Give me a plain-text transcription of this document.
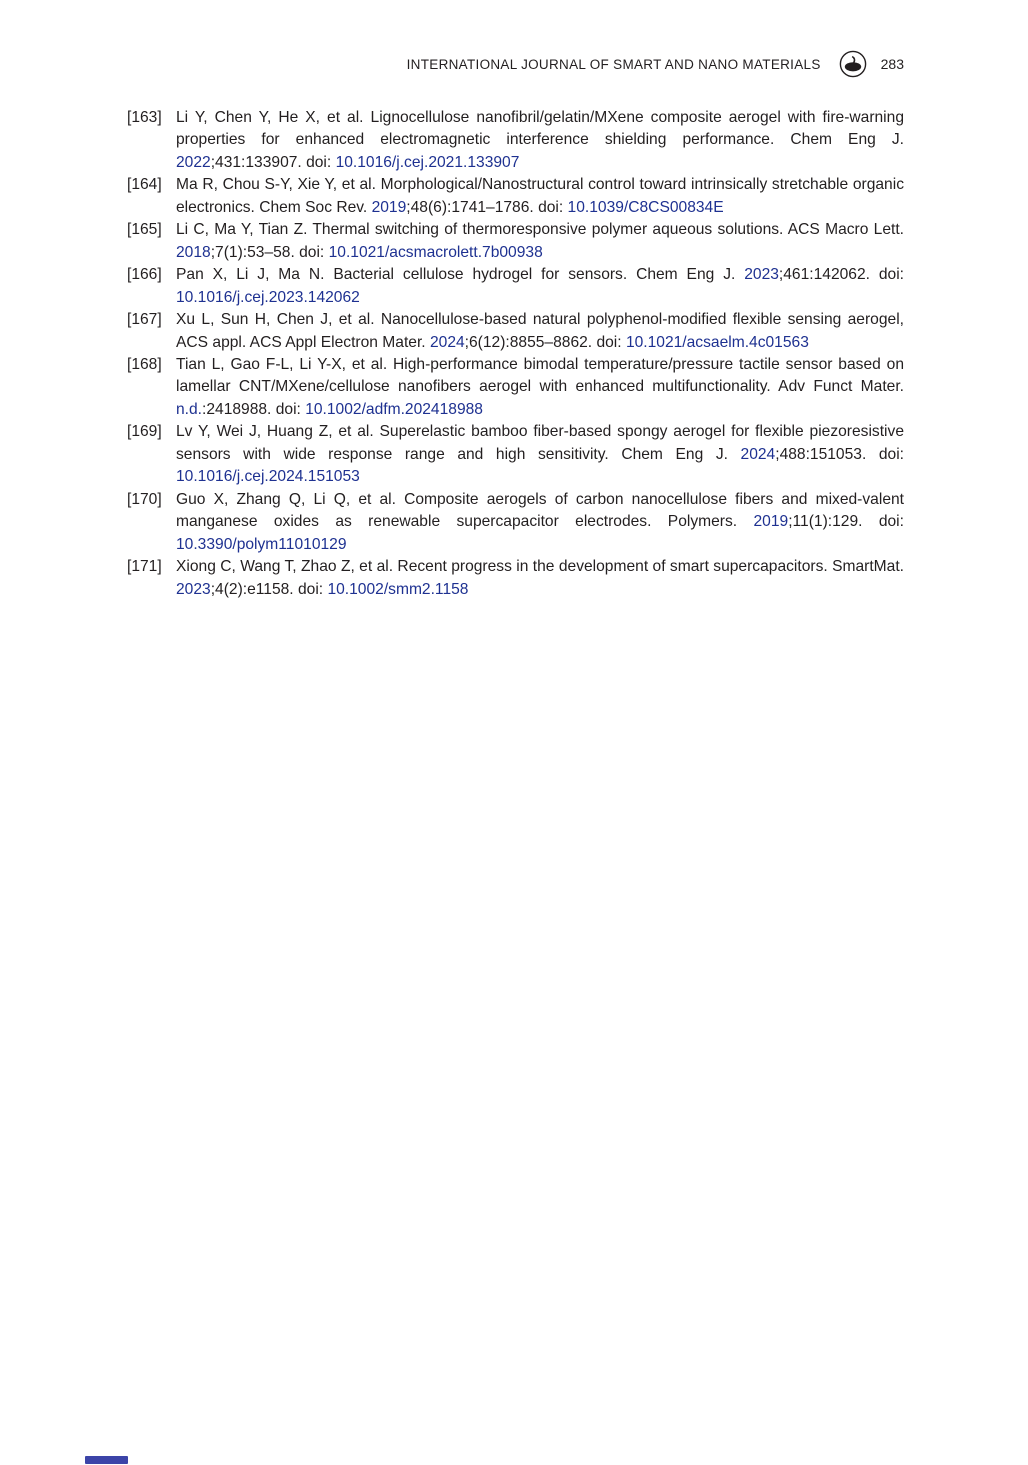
INTERNATIONAL JOURNAL OF SMART AND NANO MATERIALS	283
[163] Li Y, Chen Y, He X, et al. Lignocellulose nanofibril/gelatin/MXene composite aerogel with fire-warning properties for enhanced electromagnetic interference shielding performance. Chem Eng J. 2022;431:133907. doi: 10.1016/j.cej.2021.133907
[164] Ma R, Chou S-Y, Xie Y, et al. Morphological/Nanostructural control toward intrinsically stretchable organic electronics. Chem Soc Rev. 2019;48(6):1741–1786. doi: 10.1039/C8CS00834E
[165] Li C, Ma Y, Tian Z. Thermal switching of thermoresponsive polymer aqueous solutions. ACS Macro Lett. 2018;7(1):53–58. doi: 10.1021/acsmacrolett.7b00938
[166] Pan X, Li J, Ma N. Bacterial cellulose hydrogel for sensors. Chem Eng J. 2023;461:142062. doi: 10.1016/j.cej.2023.142062
[167] Xu L, Sun H, Chen J, et al. Nanocellulose-based natural polyphenol-modified flexible sensing aerogel, ACS appl. ACS Appl Electron Mater. 2024;6(12):8855–8862. doi: 10.1021/acsaelm.4c01563
[168] Tian L, Gao F-L, Li Y-X, et al. High-performance bimodal temperature/pressure tactile sensor based on lamellar CNT/MXene/cellulose nanofibers aerogel with enhanced multifunctionality. Adv Funct Mater. n.d.:2418988. doi: 10.1002/adfm.202418988
[169] Lv Y, Wei J, Huang Z, et al. Superelastic bamboo fiber-based spongy aerogel for flexible piezoresistive sensors with wide response range and high sensitivity. Chem Eng J. 2024;488:151053. doi: 10.1016/j.cej.2024.151053
[170] Guo X, Zhang Q, Li Q, et al. Composite aerogels of carbon nanocellulose fibers and mixed-valent manganese oxides as renewable supercapacitor electrodes. Polymers. 2019;11(1):129. doi: 10.3390/polym11010129
[171] Xiong C, Wang T, Zhao Z, et al. Recent progress in the development of smart supercapacitors. SmartMat. 2023;4(2):e1158. doi: 10.1002/smm2.1158
